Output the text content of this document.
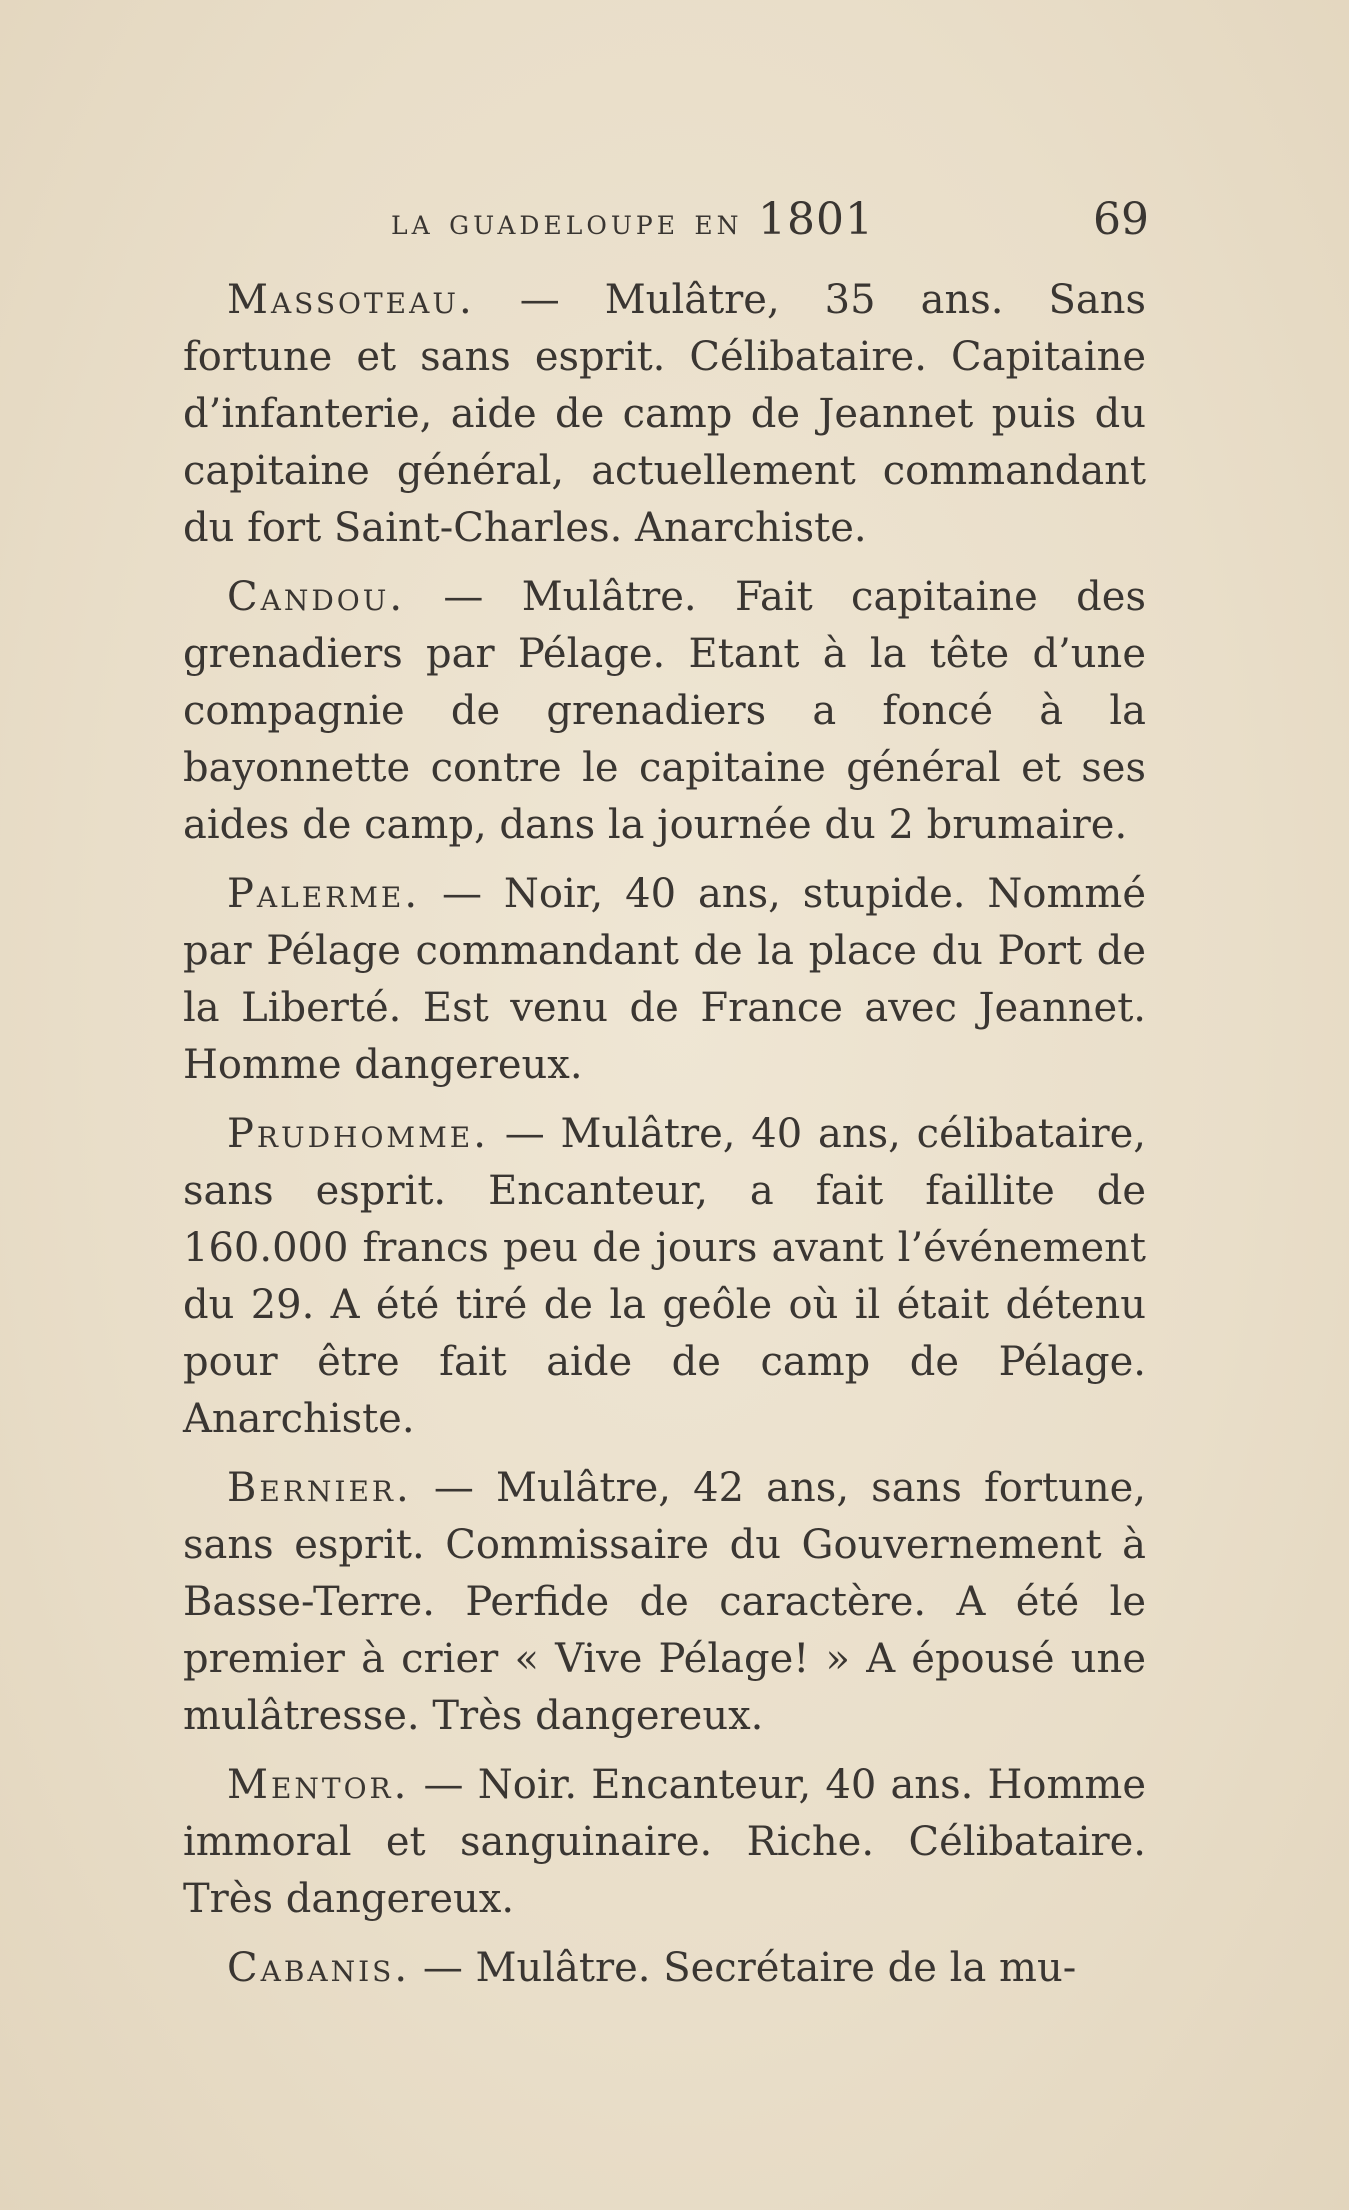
la guadeloupe en 1801	69

Massoteau. — Mulâtre, 35 ans. Sans fortune et sans esprit. Célibataire. Capitaine d’infanterie, aide de camp de Jeannet puis du capitaine général, actuellement commandant du fort Saint-Charles. Anarchiste.

Candou. — Mulâtre. Fait capitaine des grenadiers par Pélage. Etant à la tête d’une compagnie de grenadiers a foncé à la bayonnette contre le capitaine général et ses aides de camp, dans la journée du 2 brumaire.

Palerme. — Noir, 40 ans, stupide. Nommé par Pélage commandant de la place du Port de la Liberté. Est venu de France avec Jeannet. Homme dangereux.

Prudhomme. — Mulâtre, 40 ans, célibataire, sans esprit. Encanteur, a fait faillite de 160.000 francs peu de jours avant l’événement du 29. A été tiré de la geôle où il était détenu pour être fait aide de camp de Pélage. Anarchiste.

Bernier. — Mulâtre, 42 ans, sans fortune, sans esprit. Commissaire du Gouvernement à Basse-Terre. Perfide de caractère. A été le premier à crier « Vive Pélage! » A épousé une mulâtresse. Très dangereux.

Mentor. — Noir. Encanteur, 40 ans. Homme immoral et sanguinaire. Riche. Célibataire. Très dangereux.

Cabanis. — Mulâtre. Secrétaire de la mu-
